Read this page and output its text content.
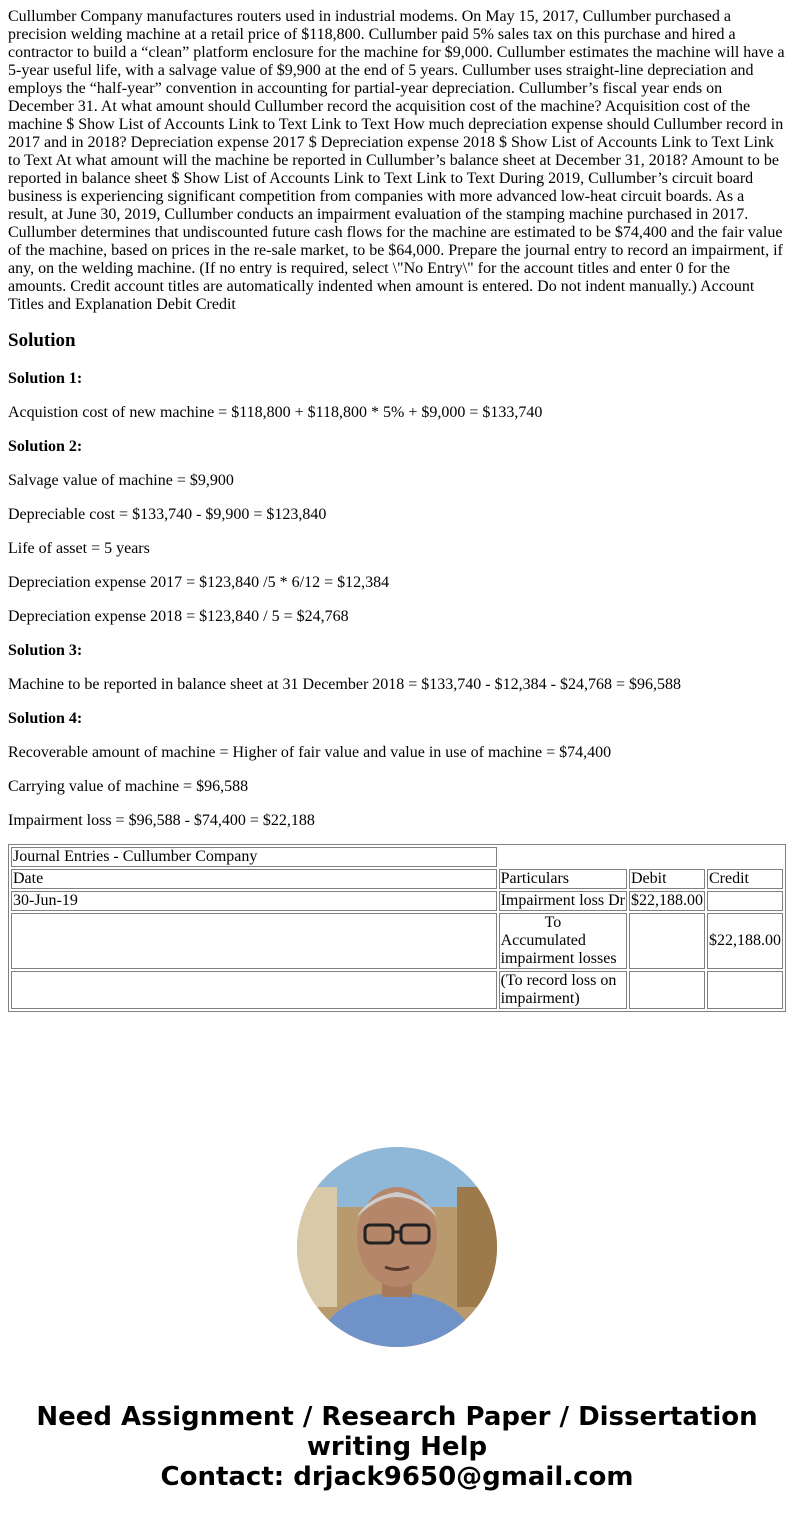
Cullumber Company manufactures routers used in industrial modems. On May 15, 2017, Cullumber purchased a precision welding machine at a retail price of $118,800. Cullumber paid 5% sales tax on this purchase and hired a contractor to build a “clean” platform enclosure for the machine for $9,000. Cullumber estimates the machine will have a 5-year useful life, with a salvage value of $9,900 at the end of 5 years. Cullumber uses straight-line depreciation and employs the “half-year” convention in accounting for partial-year depreciation. Cullumber’s fiscal year ends on December 31. At what amount should Cullumber record the acquisition cost of the machine? Acquisition cost of the machine $ Show List of Accounts Link to Text Link to Text How much depreciation expense should Cullumber record in 2017 and in 2018? Depreciation expense 2017 $ Depreciation expense 2018 $ Show List of Accounts Link to Text Link to Text At what amount will the machine be reported in Cullumber’s balance sheet at December 31, 2018? Amount to be reported in balance sheet $ Show List of Accounts Link to Text Link to Text During 2019, Cullumber’s circuit board business is experiencing significant competition from companies with more advanced low-heat circuit boards. As a result, at June 30, 2019, Cullumber conducts an impairment evaluation of the stamping machine purchased in 2017. Cullumber determines that undiscounted future cash flows for the machine are estimated to be $74,400 and the fair value of the machine, based on prices in the re-sale market, to be $64,000. Prepare the journal entry to record an impairment, if any, on the welding machine. (If no entry is required, select \"No Entry\" for the account titles and enter 0 for the amounts. Credit account titles are automatically indented when amount is entered. Do not indent manually.) Account Titles and Explanation Debit Credit

Solution

Solution 1:

Acquistion cost of new machine = $118,800 + $118,800 * 5% + $9,000 = $133,740

Solution 2:

Salvage value of machine = $9,900

Depreciable cost = $133,740 - $9,900 = $123,840

Life of asset = 5 years

Depreciation expense 2017 = $123,840 /5 * 6/12 = $12,384

Depreciation expense 2018 = $123,840 / 5 = $24,768

Solution 3:

Machine to be reported in balance sheet at 31 December 2018 = $133,740 - $12,384 - $24,768 = $96,588

Solution 4:

Recoverable amount of machine = Higher of fair value and value in use of machine = $74,400

Carrying value of machine = $96,588

Impairment loss = $96,588 - $74,400 = $22,188

Journal Entries - Cullumber Company			
Date	Particulars	Debit	Credit
30-Jun-19	Impairment loss Dr	$22,188.00	
	To Accumulated impairment losses		$22,188.00
	(To record loss on impairment)		
Need Assignment / Research Paper / Dissertation writing Help
Contact: drjack9650@gmail.com
